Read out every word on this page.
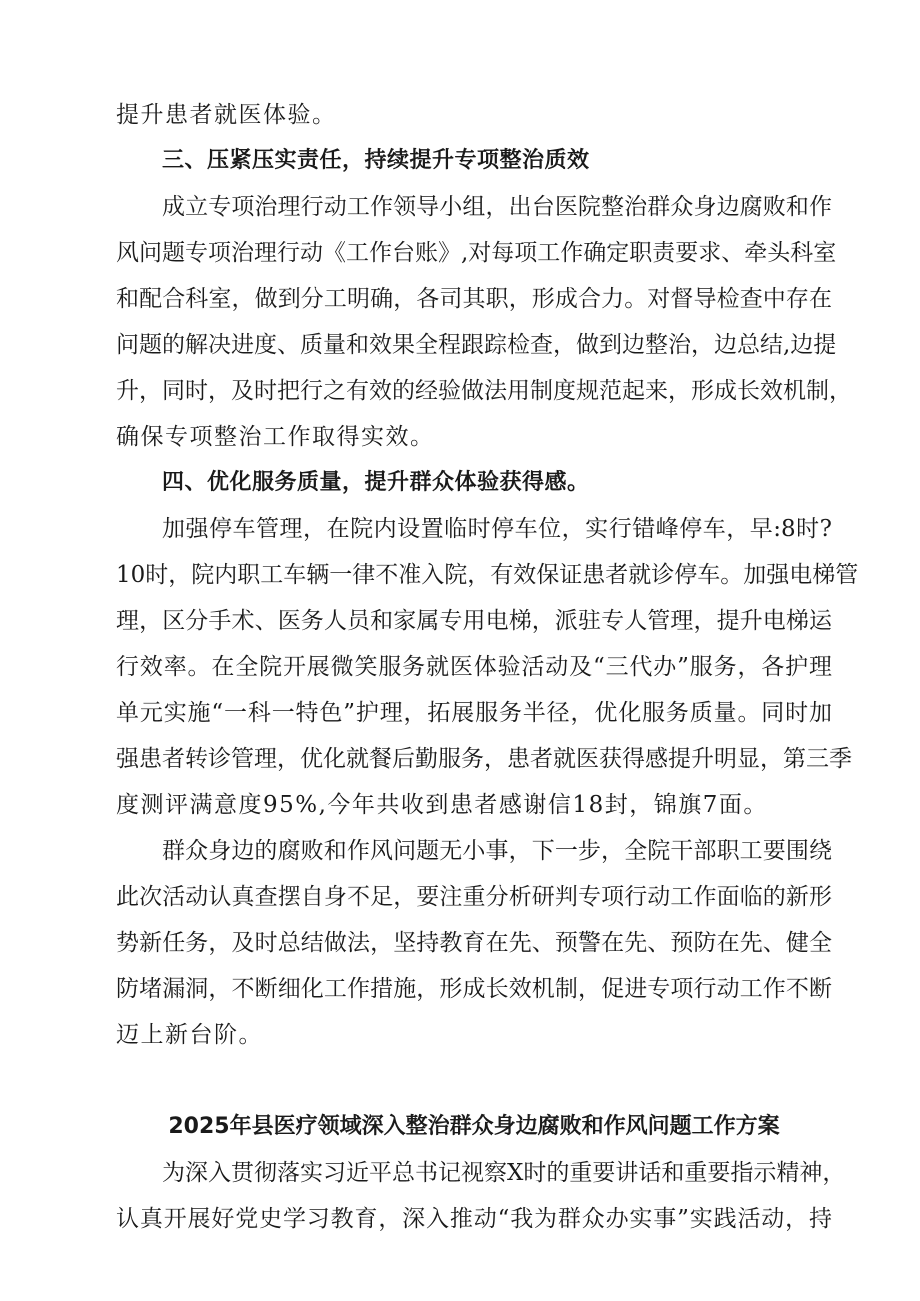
提升患者就医体验。
三、压紧压实责任，持续提升专项整治质效
成立专项治理行动工作领导小组，出台医院整治群众身边腐败和作
风问题专项治理行动《工作台账》,对每项工作确定职责要求、牵头科室
和配合科室，做到分工明确，各司其职，形成合力。对督导检查中存在
问题的解决进度、质量和效果全程跟踪检查，做到边整治，边总结,边提
升，同时，及时把行之有效的经验做法用制度规范起来，形成长效机制，
确保专项整治工作取得实效。
四、优化服务质量，提升群众体验获得感。
加强停车管理，在院内设置临时停车位，实行错峰停车，早:8时?
10时，院内职工车辆一律不准入院，有效保证患者就诊停车。加强电梯管
理，区分手术、医务人员和家属专用电梯，派驻专人管理，提升电梯运
行效率。在全院开展微笑服务就医体验活动及“三代办”服务，各护理
单元实施“一科一特色”护理，拓展服务半径，优化服务质量。同时加
强患者转诊管理，优化就餐后勤服务，患者就医获得感提升明显，第三季
度测评满意度95%,今年共收到患者感谢信18封，锦旗7面。
群众身边的腐败和作风问题无小事，下一步，全院干部职工要围绕
此次活动认真查摆自身不足，要注重分析研判专项行动工作面临的新形
势新任务，及时总结做法，坚持教育在先、预警在先、预防在先、健全
防堵漏洞，不断细化工作措施，形成长效机制，促进专项行动工作不断
迈上新台阶。
2025年县医疗领域深入整治群众身边腐败和作风问题工作方案
为深入贯彻落实习近平总书记视察X时的重要讲话和重要指示精神，
认真开展好党史学习教育，深入推动“我为群众办实事”实践活动，持
